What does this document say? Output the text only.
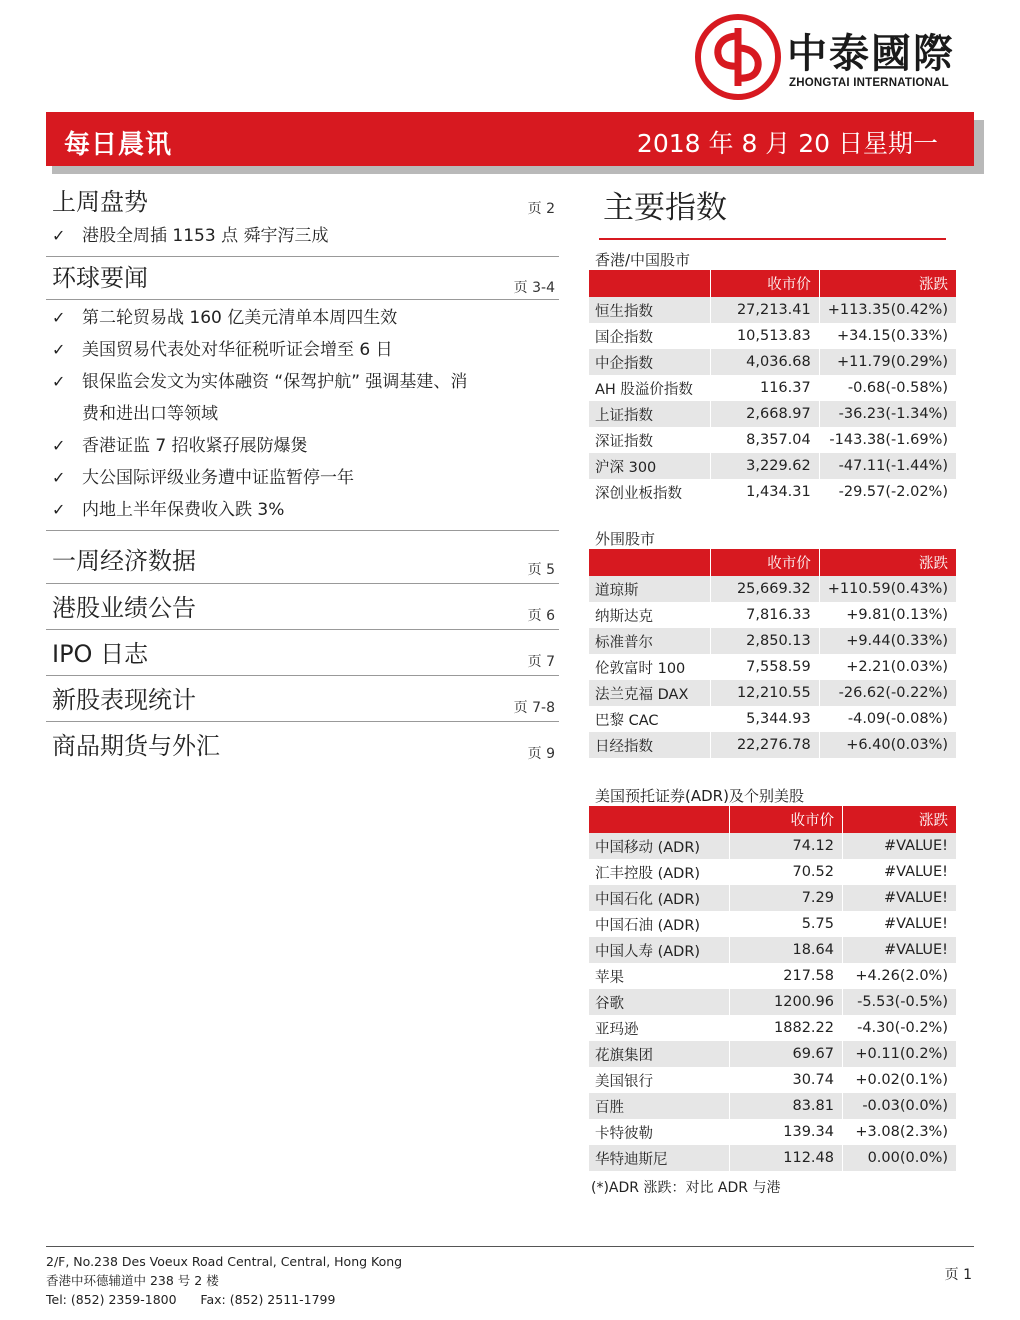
中泰國際
ZHONGTAI INTERNATIONAL
每日晨讯	2018 年 8 月 20 日星期一
上周盘势	页 2
✓ 港股全周插 1153 点 舜宇泻三成
环球要闻	页 3-4
✓ 第二轮贸易战 160 亿美元清单本周四生效
✓ 美国贸易代表处对华征税听证会增至 6 日
✓ 银保监会发文为实体融资 “保驾护航” 强调基建、消费和进出口等领域
✓ 香港证监 7 招收紧孖展防爆煲
✓ 大公国际评级业务遭中证监暂停一年
✓ 内地上半年保费收入跌 3%
一周经济数据	页 5
港股业绩公告	页 6
IPO 日志	页 7
新股表现统计	页 7-8
商品期货与外汇	页 9
主要指数
香港/中国股市
	收市价	涨跌
恒生指数	27,213.41	+113.35(0.42%)
国企指数	10,513.83	+34.15(0.33%)
中企指数	4,036.68	+11.79(0.29%)
AH 股溢价指数	116.37	-0.68(-0.58%)
上证指数	2,668.97	-36.23(-1.34%)
深证指数	8,357.04	-143.38(-1.69%)
沪深 300	3,229.62	-47.11(-1.44%)
深创业板指数	1,434.31	-29.57(-2.02%)
外围股市
	收市价	涨跌
道琼斯	25,669.32	+110.59(0.43%)
纳斯达克	7,816.33	+9.81(0.13%)
标准普尔	2,850.13	+9.44(0.33%)
伦敦富时 100	7,558.59	+2.21(0.03%)
法兰克福 DAX	12,210.55	-26.62(-0.22%)
巴黎 CAC	5,344.93	-4.09(-0.08%)
日经指数	22,276.78	+6.40(0.03%)
美国预托证券(ADR)及个别美股
	收市价	涨跌
中国移动 (ADR)	74.12	#VALUE!
汇丰控股 (ADR)	70.52	#VALUE!
中国石化 (ADR)	7.29	#VALUE!
中国石油 (ADR)	5.75	#VALUE!
中国人寿 (ADR)	18.64	#VALUE!
苹果	217.58	+4.26(2.0%)
谷歌	1200.96	-5.53(-0.5%)
亚玛逊	1882.22	-4.30(-0.2%)
花旗集团	69.67	+0.11(0.2%)
美国银行	30.74	+0.02(0.1%)
百胜	83.81	-0.03(0.0%)
卡特彼勒	139.34	+3.08(2.3%)
华特迪斯尼	112.48	0.00(0.0%)
(*)ADR 涨跌：对比 ADR 与港
2/F, No.238 Des Voeux Road Central, Central, Hong Kong
香港中环德辅道中 238 号 2 楼
Tel: (852) 2359-1800      Fax: (852) 2511-1799
页 1
